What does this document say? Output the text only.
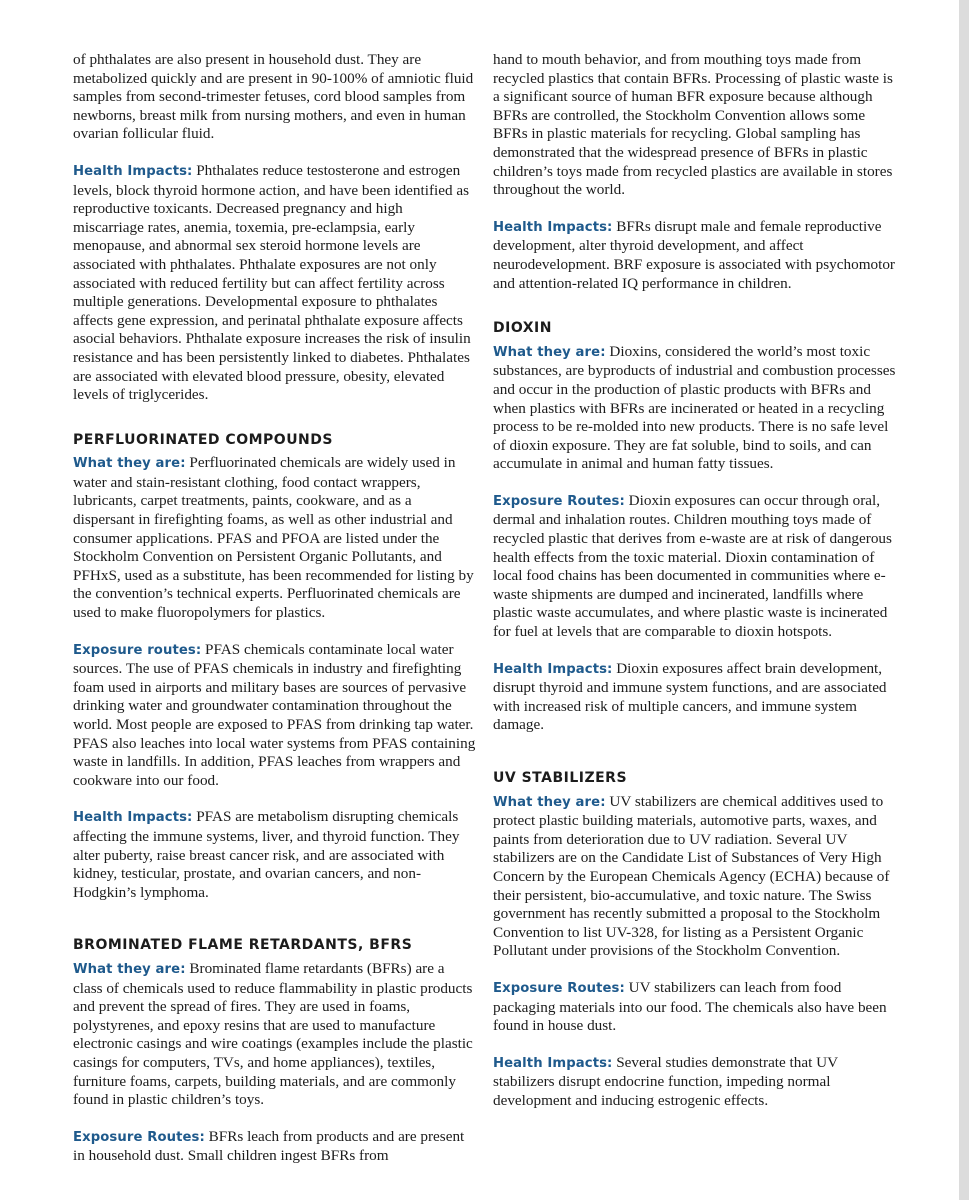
of phthalates are also present in household dust. They are metabolized quickly and are present in 90-100% of amniotic fluid samples from second-trimester fetuses, cord blood samples from newborns, breast milk from nursing mothers, and even in human ovarian follicular fluid.

Health Impacts: Phthalates reduce testosterone and estrogen levels, block thyroid hormone action, and have been identified as reproductive toxicants. Decreased pregnancy and high miscarriage rates, anemia, toxemia, pre-eclampsia, early menopause, and abnormal sex steroid hormone levels are associated with phthalates. Phthalate exposures are not only associated with reduced fertility but can affect fertility across multiple generations. Developmental exposure to phthalates affects gene expression, and perinatal phthalate exposure affects asocial behaviors. Phthalate exposure increases the risk of insulin resistance and has been persistently linked to diabetes. Phthalates are associated with elevated blood pressure, obesity, elevated levels of triglycerides.

PERFLUORINATED COMPOUNDS

What they are: Perfluorinated chemicals are widely used in water and stain-resistant clothing, food contact wrappers, lubricants, carpet treatments, paints, cookware, and as a dispersant in firefighting foams, as well as other industrial and consumer applications. PFAS and PFOA are listed under the Stockholm Convention on Persistent Organic Pollutants, and PFHxS, used as a substitute, has been recommended for listing by the convention’s technical experts. Perfluorinated chemicals are used to make fluoropolymers for plastics.

Exposure routes: PFAS chemicals contaminate local water sources. The use of PFAS chemicals in industry and firefighting foam used in airports and military bases are sources of pervasive drinking water and groundwater contamination throughout the world. Most people are exposed to PFAS from drinking tap water. PFAS also leaches into local water systems from PFAS containing waste in landfills. In addition, PFAS leaches from wrappers and cookware into our food.

Health Impacts: PFAS are metabolism disrupting chemicals affecting the immune systems, liver, and thyroid function. They alter puberty, raise breast cancer risk, and are associated with kidney, testicular, prostate, and ovarian cancers, and non-Hodgkin’s lymphoma.

BROMINATED FLAME RETARDANTS, BFRS

What they are: Brominated flame retardants (BFRs) are a class of chemicals used to reduce flammability in plastic products and prevent the spread of fires. They are used in foams, polystyrenes, and epoxy resins that are used to manufacture electronic casings and wire coatings (examples include the plastic casings for computers, TVs, and home appliances), textiles, furniture foams, carpets, building materials, and are commonly found in plastic children’s toys.

Exposure Routes: BFRs leach from products and are present in household dust. Small children ingest BFRs from

hand to mouth behavior, and from mouthing toys made from recycled plastics that contain BFRs. Processing of plastic waste is a significant source of human BFR exposure because although BFRs are controlled, the Stockholm Convention allows some BFRs in plastic materials for recycling. Global sampling has demonstrated that the widespread presence of BFRs in plastic children’s toys made from recycled plastics are available in stores throughout the world.

Health Impacts: BFRs disrupt male and female reproductive development, alter thyroid development, and affect neurodevelopment. BRF exposure is associated with psychomotor and attention-related IQ performance in children.

DIOXIN

What they are: Dioxins, considered the world’s most toxic substances, are byproducts of industrial and combustion processes and occur in the production of plastic products with BFRs and when plastics with BFRs are incinerated or heated in a recycling process to be re-molded into new products. There is no safe level of dioxin exposure. They are fat soluble, bind to soils, and can accumulate in animal and human fatty tissues.

Exposure Routes: Dioxin exposures can occur through oral, dermal and inhalation routes. Children mouthing toys made of recycled plastic that derives from e-waste are at risk of dangerous health effects from the toxic material. Dioxin contamination of local food chains has been documented in communities where e-waste shipments are dumped and incinerated, landfills where plastic waste accumulates, and where plastic waste is incinerated for fuel at levels that are comparable to dioxin hotspots.

Health Impacts: Dioxin exposures affect brain development, disrupt thyroid and immune system functions, and are associated with increased risk of multiple cancers, and immune system damage.

UV STABILIZERS

What they are: UV stabilizers are chemical additives used to protect plastic building materials, automotive parts, waxes, and paints from deterioration due to UV radiation. Several UV stabilizers are on the Candidate List of Substances of Very High Concern by the European Chemicals Agency (ECHA) because of their persistent, bio-accumulative, and toxic nature. The Swiss government has recently submitted a proposal to the Stockholm Convention to list UV-328, for listing as a Persistent Organic Pollutant under provisions of the Stockholm Convention.

Exposure Routes: UV stabilizers can leach from food packaging materials into our food. The chemicals also have been found in house dust.

Health Impacts: Several studies demonstrate that UV stabilizers disrupt endocrine function, impeding normal development and inducing estrogenic effects.
